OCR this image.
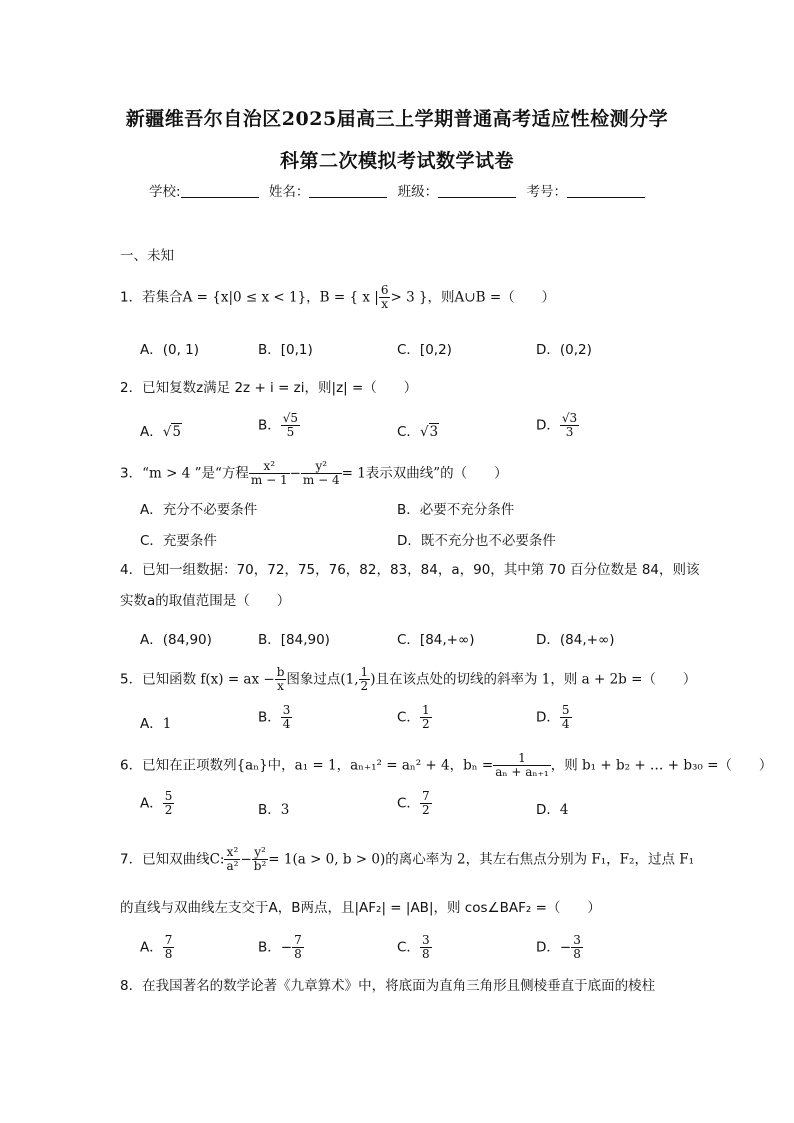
新疆维吾尔自治区2025届高三上学期普通高考适应性检测分学
科第二次模拟考试数学试卷
学校:	姓名：	班级：	考号：
一、未知
1．若集合A = {x|0 ≤ x < 1}，B = { x | $\frac{6}{x} > 3$ }，则A∪B =（　　）
A．(0, 1)	B．[0,1)	C．[0,2)	D．(0,2)
2．已知复数z满足 2z + i = zi，则|z| =（　　）
A．√5	B． $\frac{√5}{5}$	C．√3	D． $\frac{√3}{3}$
3．“m > 4 ”是“方程 $\frac{\text{x²}}{m - 1} - \frac{\text{y²}}{m - 4} = 1$表示双曲线”的（　　）
A．充分不必要条件	B．必要不充分条件
C．充要条件	D．既不充分也不必要条件
4．已知一组数据：70，72，75，76，82，83，84，a，90，其中第 70 百分位数是 84，则该
实数a的取值范围是（　　）
A．(84,90)	B．[84,90)	C．[84,+∞)	D．(84,+∞)
5．已知函数 f(x) = ax − $\frac{b}{x}$ 图象过点(1, $\frac{1}{2}$ )且在该点处的切线的斜率为 1，则 a + 2b =（　　）
A．1	B． $\frac{3}{4}$	C． $\frac{1}{2}$	D． $\frac{5}{4}$
6．已知在正项数列{aₙ}中，a₁ = 1，aₙ₊₁² = aₙ² + 4，$b_n = \frac{1}{\text{aₙ + aₙ₊₁}}$ ，则 b₁ + b₂ + … + b₃₀ =（　　）
A． $\frac{5}{2}$	B．3	C． $\frac{7}{2}$	D．4
7．已知双曲线C: $\frac{\text{x²}}{\text{a²}} - \frac{\text{y²}}{\text{b²}} = 1(a > 0$, b > 0)的离心率为 2，其左右焦点分别为 F₁，F₂，过点 F₁
的直线与双曲线左支交于A，B两点，且|AF₂| = |AB|，则 cos∠BAF₂ =（　　）
A． $\frac{7}{8}$	B．− $\frac{7}{8}$	C． $\frac{3}{8}$	D．− $\frac{3}{8}$
8．在我国著名的数学论著《九章算术》中，将底面为直角三角形且侧棱垂直于底面的棱柱
